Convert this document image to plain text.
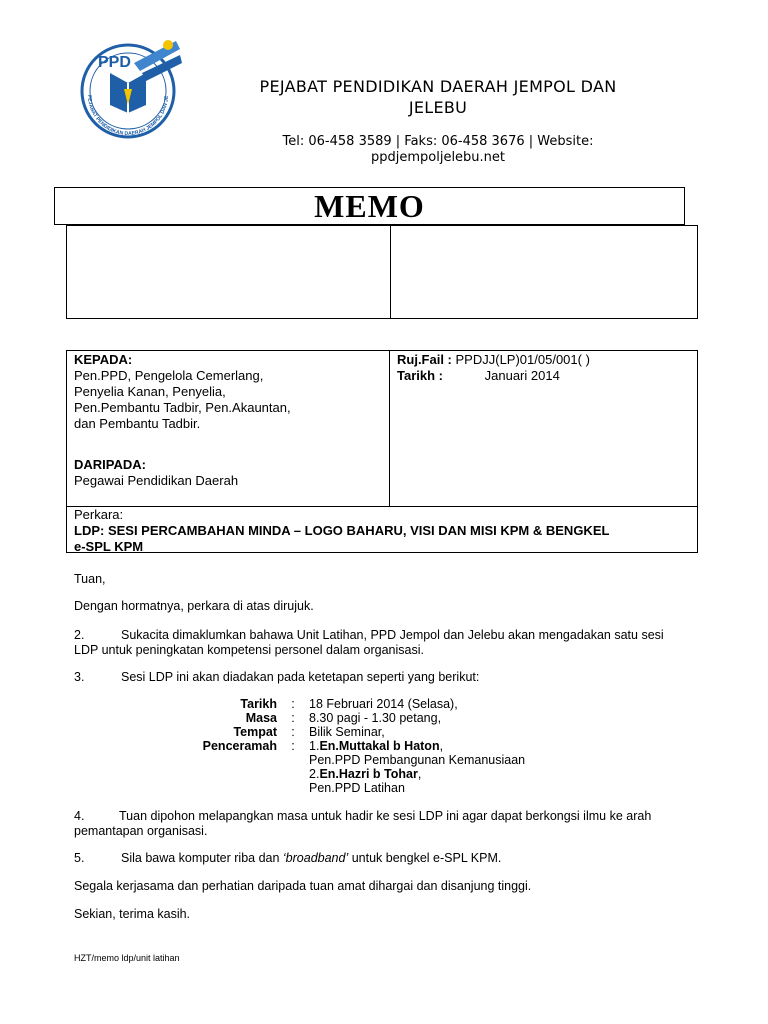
PPD
PEJABAT PENDIDIKAN DAERAH JEMPOL DAN JE
PEJABAT PENDIDIKAN DAERAH JEMPOL DAN
JELEBU
Tel: 06-458 3589 | Faks: 06-458 3676 | Website:
ppdjempoljelebu.net
MEMO
KEPADA:
Pen.PPD, Pengelola Cemerlang,
Penyelia Kanan, Penyelia,
Pen.Pembantu Tadbir, Pen.Akauntan,
dan Pembantu Tadbir.
DARIPADA:
Pegawai Pendidikan Daerah
Ruj.Fail : PPDJJ(LP)01/05/001( )
Tarikh :	Januari 2014
Perkara:
LDP: SESI PERCAMBAHAN MINDA – LOGO BAHARU, VISI DAN MISI KPM & BENGKEL
e-SPL KPM
Tuan,
Dengan hormatnya, perkara di atas dirujuk.
2.	Sukacita dimaklumkan bahawa Unit Latihan, PPD Jempol dan Jelebu akan mengadakan satu sesi
LDP untuk peningkatan kompetensi personel dalam organisasi.
3.	Sesi LDP ini akan diadakan pada ketetapan seperti yang berikut:
Tarikh	:	18 Februari 2014 (Selasa),
Masa	:	8.30 pagi - 1.30 petang,
Tempat	:	Bilik Seminar,
Penceramah	:	1.En.Muttakal b Haton,
Pen.PPD Pembangunan Kemanusiaan
2.En.Hazri b Tohar,
Pen.PPD Latihan
4.	Tuan dipohon melapangkan masa untuk hadir ke sesi LDP ini agar dapat berkongsi ilmu ke arah
pemantapan organisasi.
5.	Sila bawa komputer riba dan ‘broadband’ untuk bengkel e-SPL KPM.
Segala kerjasama dan perhatian daripada tuan amat dihargai dan disanjung tinggi.
Sekian, terima kasih.
HZT/memo ldp/unit latihan
